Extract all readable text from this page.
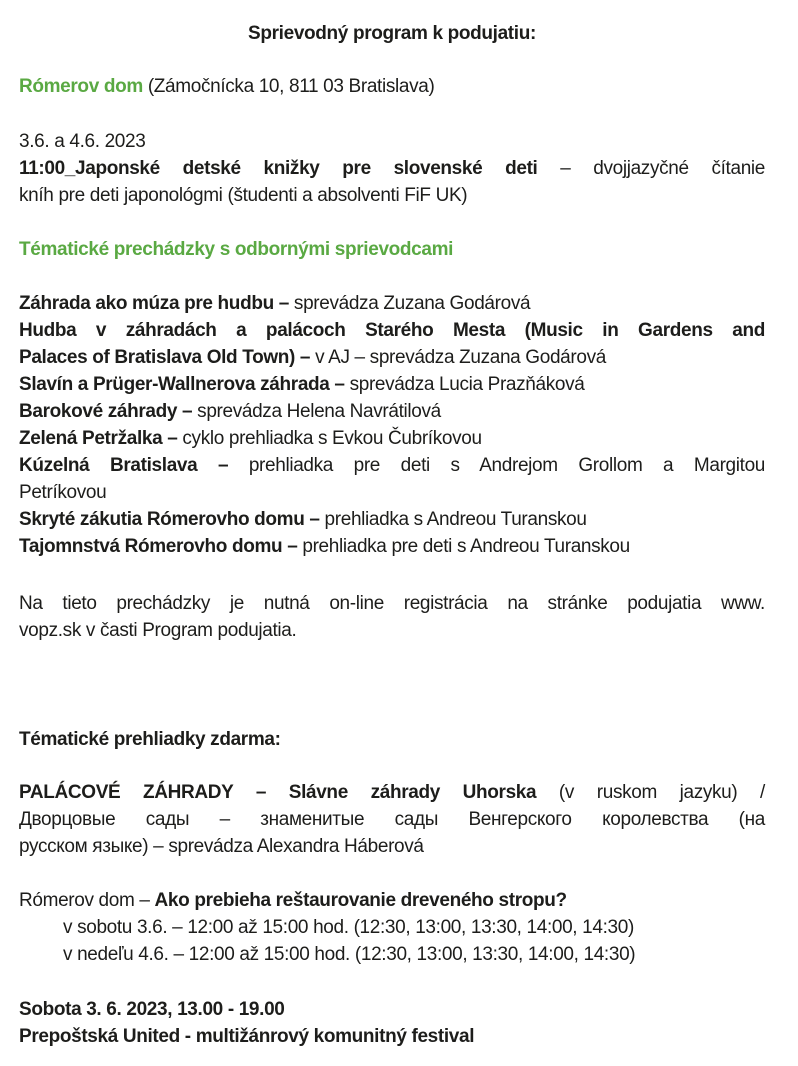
Sprievodný program k podujatiu:
Rómerov dom (Zámočnícka 10, 811 03 Bratislava)
3.6. a 4.6. 2023
11:00_Japonské detské knižky pre slovenské deti – dvojjazyčné čítanie
kníh pre deti japonológmi (študenti a absolventi FiF UK)
Tématické prechádzky s odbornými sprievodcami
Záhrada ako múza pre hudbu – sprevádza Zuzana Godárová
Hudba v záhradách a palácoch Starého Mesta (Music in Gardens and
Palaces of Bratislava Old Town) – v AJ – sprevádza Zuzana Godárová
Slavín a Prüger-Wallnerova záhrada – sprevádza Lucia Prazňáková
Barokové záhrady – sprevádza Helena Navrátilová
Zelená Petržalka – cyklo prehliadka s Evkou Čubríkovou
Kúzelná Bratislava – prehliadka pre deti s Andrejom Grollom a Margitou
Petríkovou
Skryté zákutia Rómerovho domu – prehliadka s Andreou Turanskou
Tajomnstvá Rómerovho domu – prehliadka pre deti s Andreou Turanskou
Na tieto prechádzky je nutná on-line registrácia na stránke podujatia www.
vopz.sk v časti Program podujatia.
Tématické prehliadky zdarma:
PALÁCOVÉ ZÁHRADY – Slávne záhrady Uhorska (v ruskom jazyku) /
Дворцовые сады – знаменитые сады Венгерского королевства (на
русском языке) – sprevádza Alexandra Háberová
Rómerov dom – Ako prebieha reštaurovanie dreveného stropu?
v sobotu 3.6. – 12:00 až 15:00 hod. (12:30, 13:00, 13:30, 14:00, 14:30)
v nedeľu 4.6. – 12:00 až 15:00 hod. (12:30, 13:00, 13:30, 14:00, 14:30)
Sobota 3. 6. 2023, 13.00 - 19.00
Prepoštská United - multižánrový komunitný festival
